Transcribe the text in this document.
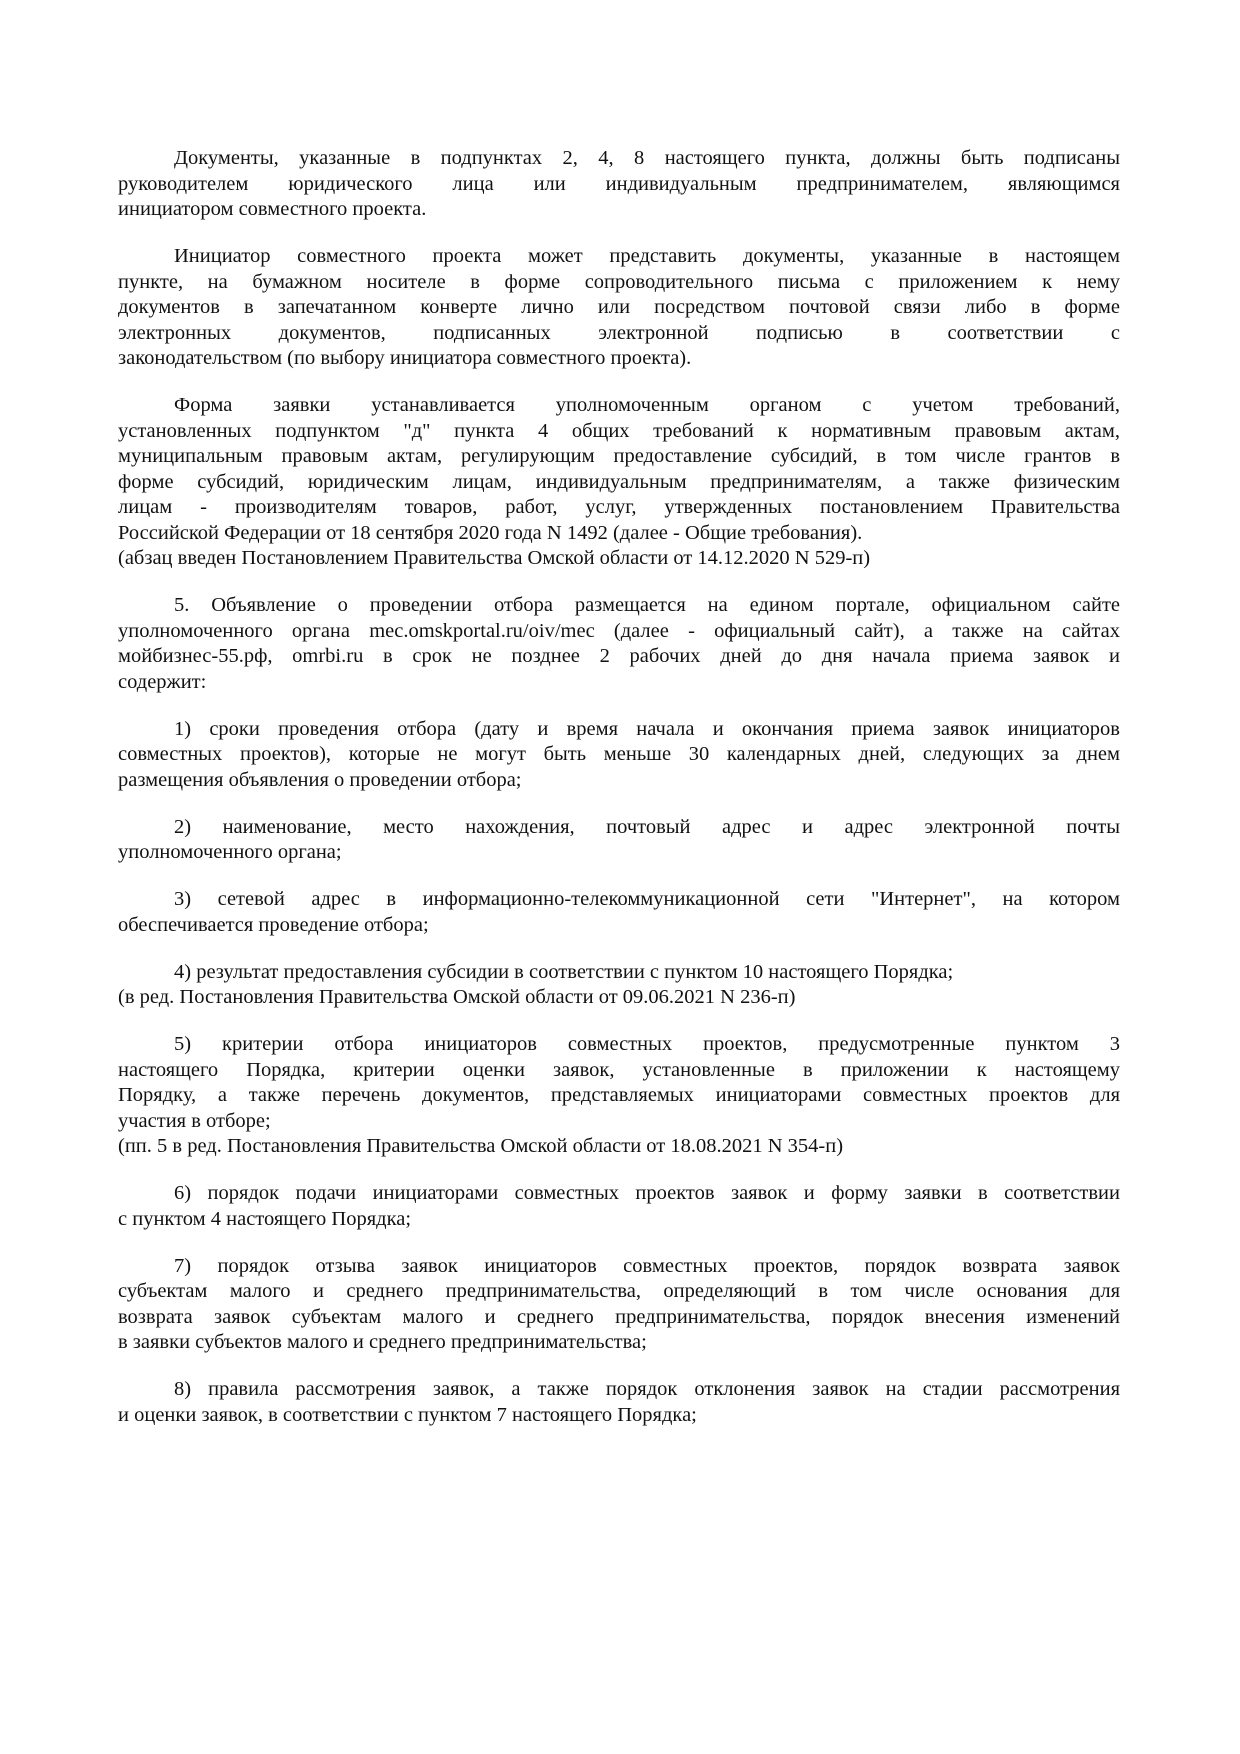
Документы, указанные в подпунктах 2, 4, 8 настоящего пункта, должны быть подписаны
руководителем юридического лица или индивидуальным предпринимателем, являющимся
инициатором совместного проекта.
Инициатор совместного проекта может представить документы, указанные в настоящем
пункте, на бумажном носителе в форме сопроводительного письма с приложением к нему
документов в запечатанном конверте лично или посредством почтовой связи либо в форме
электронных документов, подписанных электронной подписью в соответствии с
законодательством (по выбору инициатора совместного проекта).
Форма заявки устанавливается уполномоченным органом с учетом требований,
установленных подпунктом "д" пункта 4 общих требований к нормативным правовым актам,
муниципальным правовым актам, регулирующим предоставление субсидий, в том числе грантов в
форме субсидий, юридическим лицам, индивидуальным предпринимателям, а также физическим
лицам - производителям товаров, работ, услуг, утвержденных постановлением Правительства
Российской Федерации от 18 сентября 2020 года N 1492 (далее - Общие требования).
(абзац введен Постановлением Правительства Омской области от 14.12.2020 N 529-п)
5. Объявление о проведении отбора размещается на едином портале, официальном сайте
уполномоченного органа mec.omskportal.ru/oiv/mec (далее - официальный сайт), а также на сайтах
мойбизнес-55.рф, omrbi.ru в срок не позднее 2 рабочих дней до дня начала приема заявок и
содержит:
1) сроки проведения отбора (дату и время начала и окончания приема заявок инициаторов
совместных проектов), которые не могут быть меньше 30 календарных дней, следующих за днем
размещения объявления о проведении отбора;
2) наименование, место нахождения, почтовый адрес и адрес электронной почты
уполномоченного органа;
3) сетевой адрес в информационно-телекоммуникационной сети "Интернет", на котором
обеспечивается проведение отбора;
4) результат предоставления субсидии в соответствии с пунктом 10 настоящего Порядка;
(в ред. Постановления Правительства Омской области от 09.06.2021 N 236-п)
5) критерии отбора инициаторов совместных проектов, предусмотренные пунктом 3
настоящего Порядка, критерии оценки заявок, установленные в приложении к настоящему
Порядку, а также перечень документов, представляемых инициаторами совместных проектов для
участия в отборе;
(пп. 5 в ред. Постановления Правительства Омской области от 18.08.2021 N 354-п)
6) порядок подачи инициаторами совместных проектов заявок и форму заявки в соответствии
с пунктом 4 настоящего Порядка;
7) порядок отзыва заявок инициаторов совместных проектов, порядок возврата заявок
субъектам малого и среднего предпринимательства, определяющий в том числе основания для
возврата заявок субъектам малого и среднего предпринимательства, порядок внесения изменений
в заявки субъектов малого и среднего предпринимательства;
8) правила рассмотрения заявок, а также порядок отклонения заявок на стадии рассмотрения
и оценки заявок, в соответствии с пунктом 7 настоящего Порядка;
